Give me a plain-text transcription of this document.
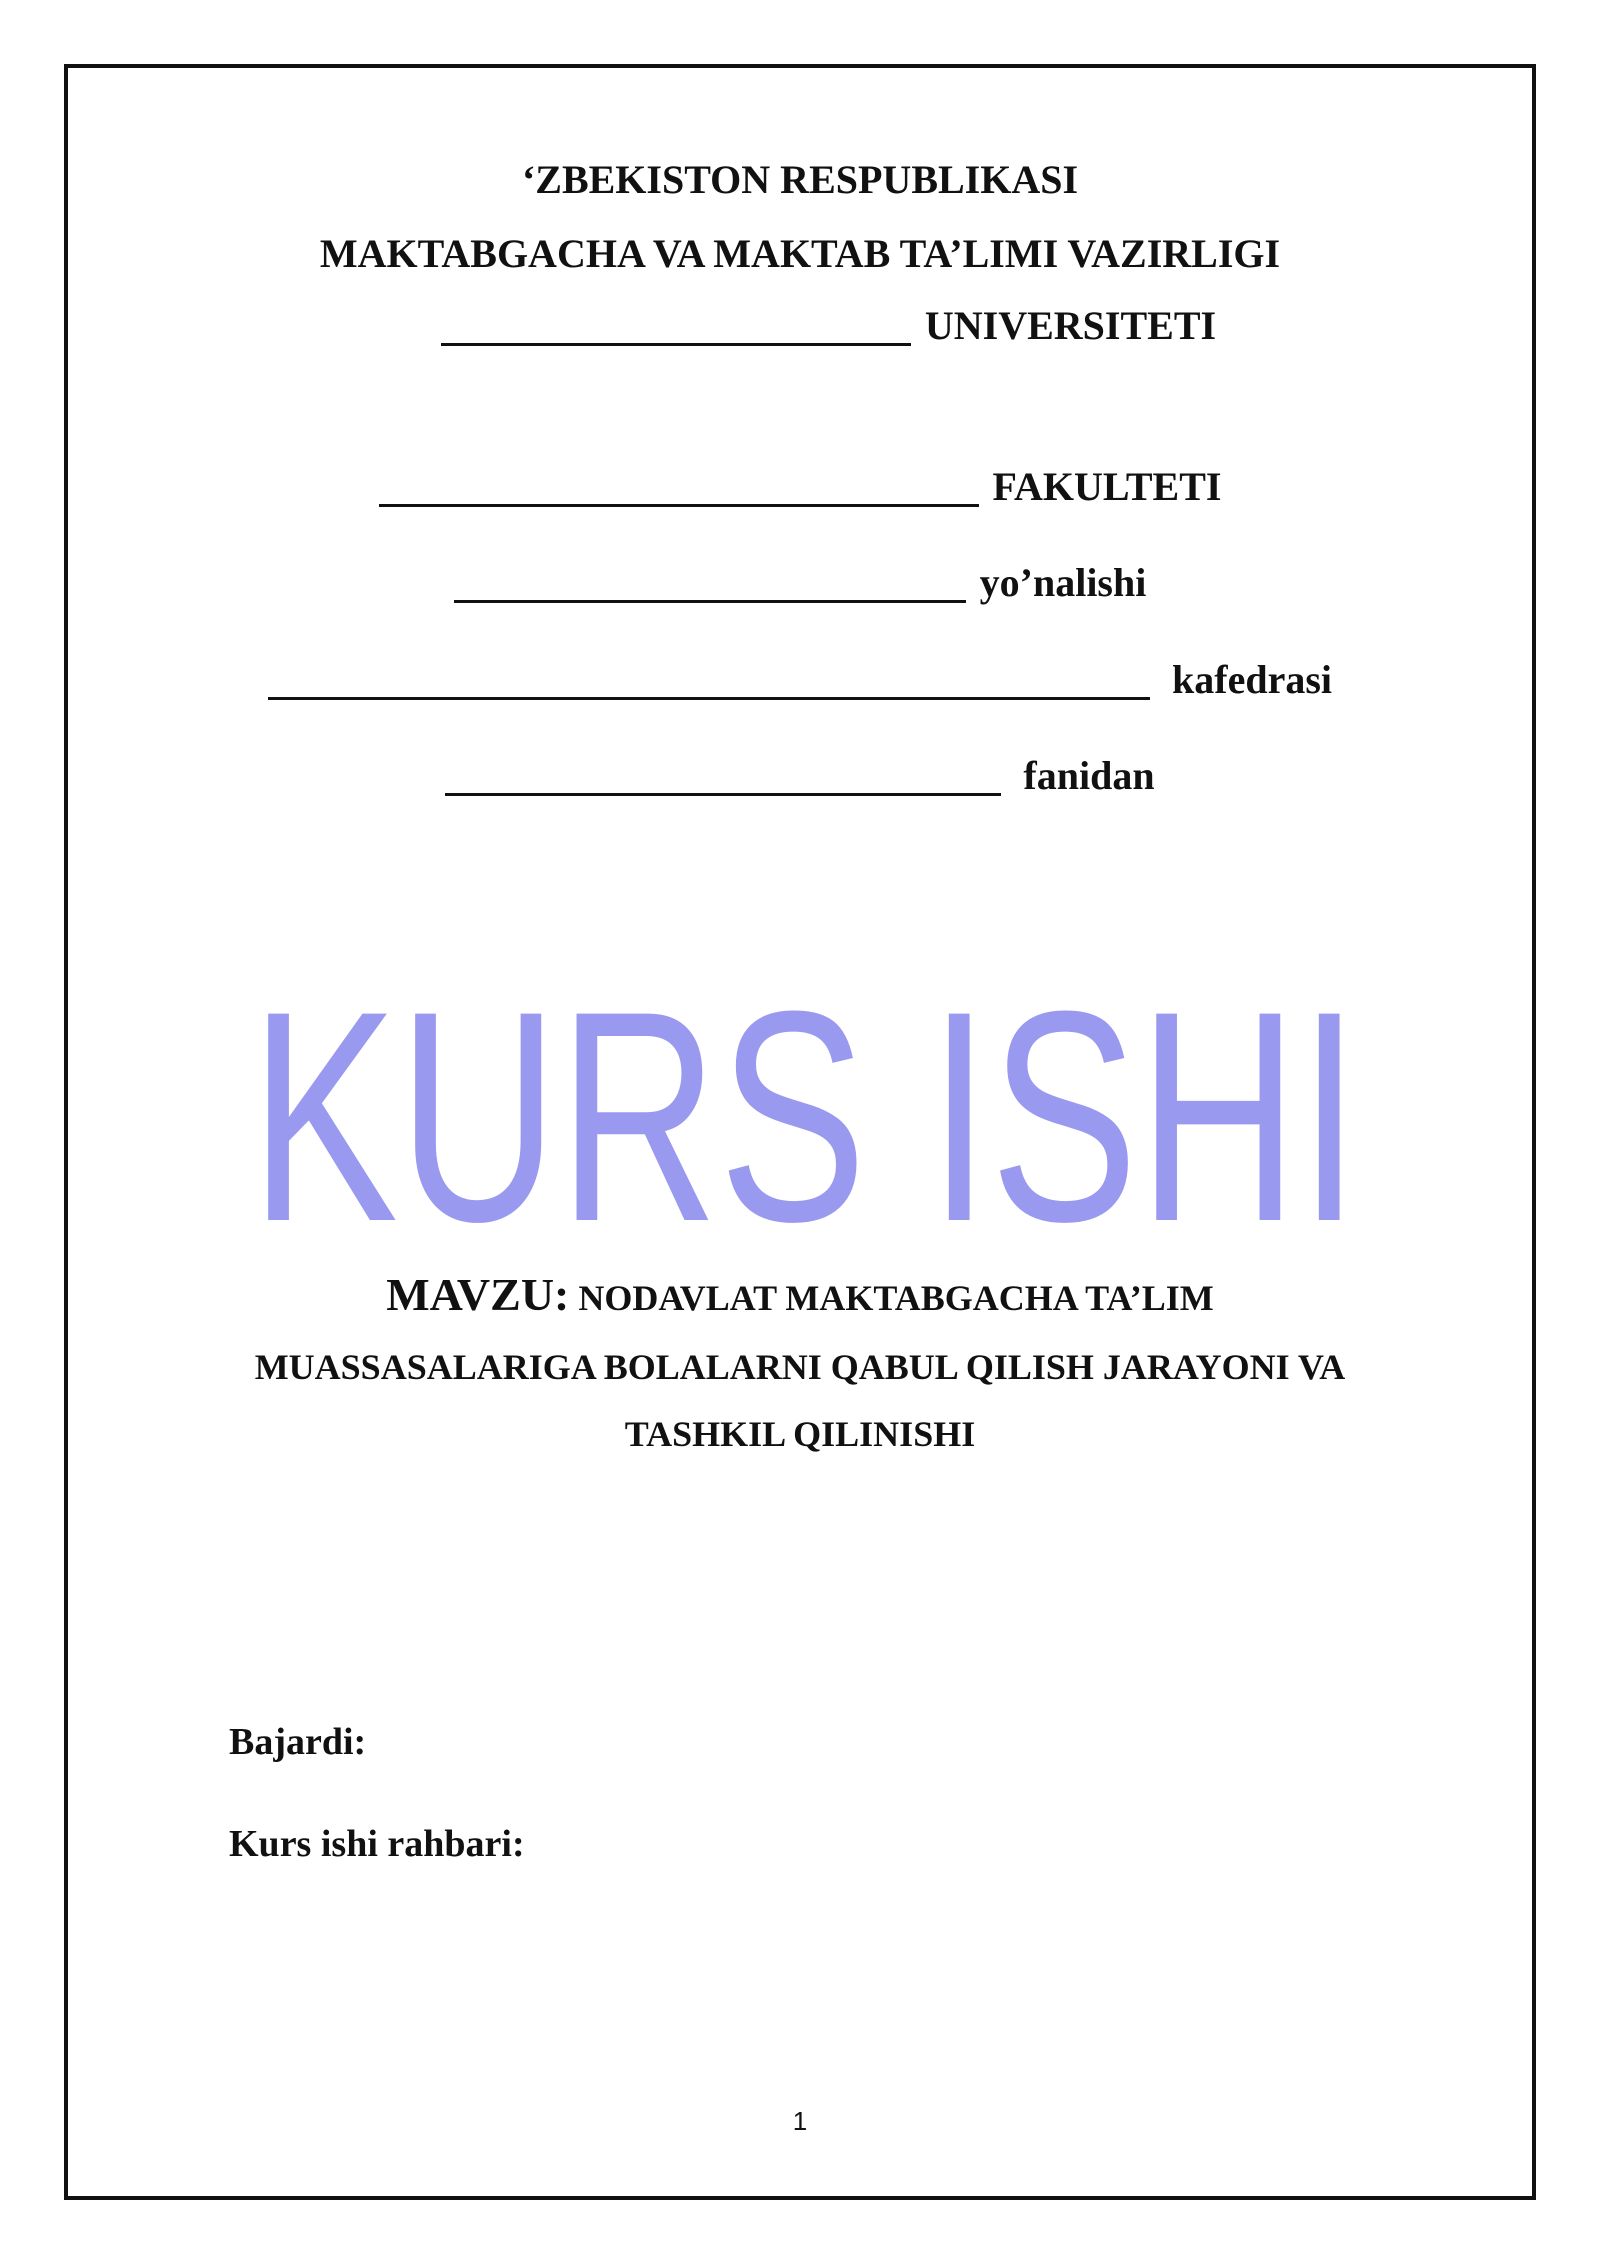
‘ZBEKISTON RESPUBLIKASI
MAKTABGACHA VA MAKTAB TA’LIMI VAZIRLIGI
UNIVERSITETI
FAKULTETI
yo’nalishi
kafedrasi
fanidan
KURS ISHI
MAVZU: NODAVLAT MAKTABGACHA TA’LIM
MUASSASALARIGA BOLALARNI QABUL QILISH JARAYONI VA
TASHKIL QILINISHI
Bajardi:
Kurs ishi rahbari:
1
